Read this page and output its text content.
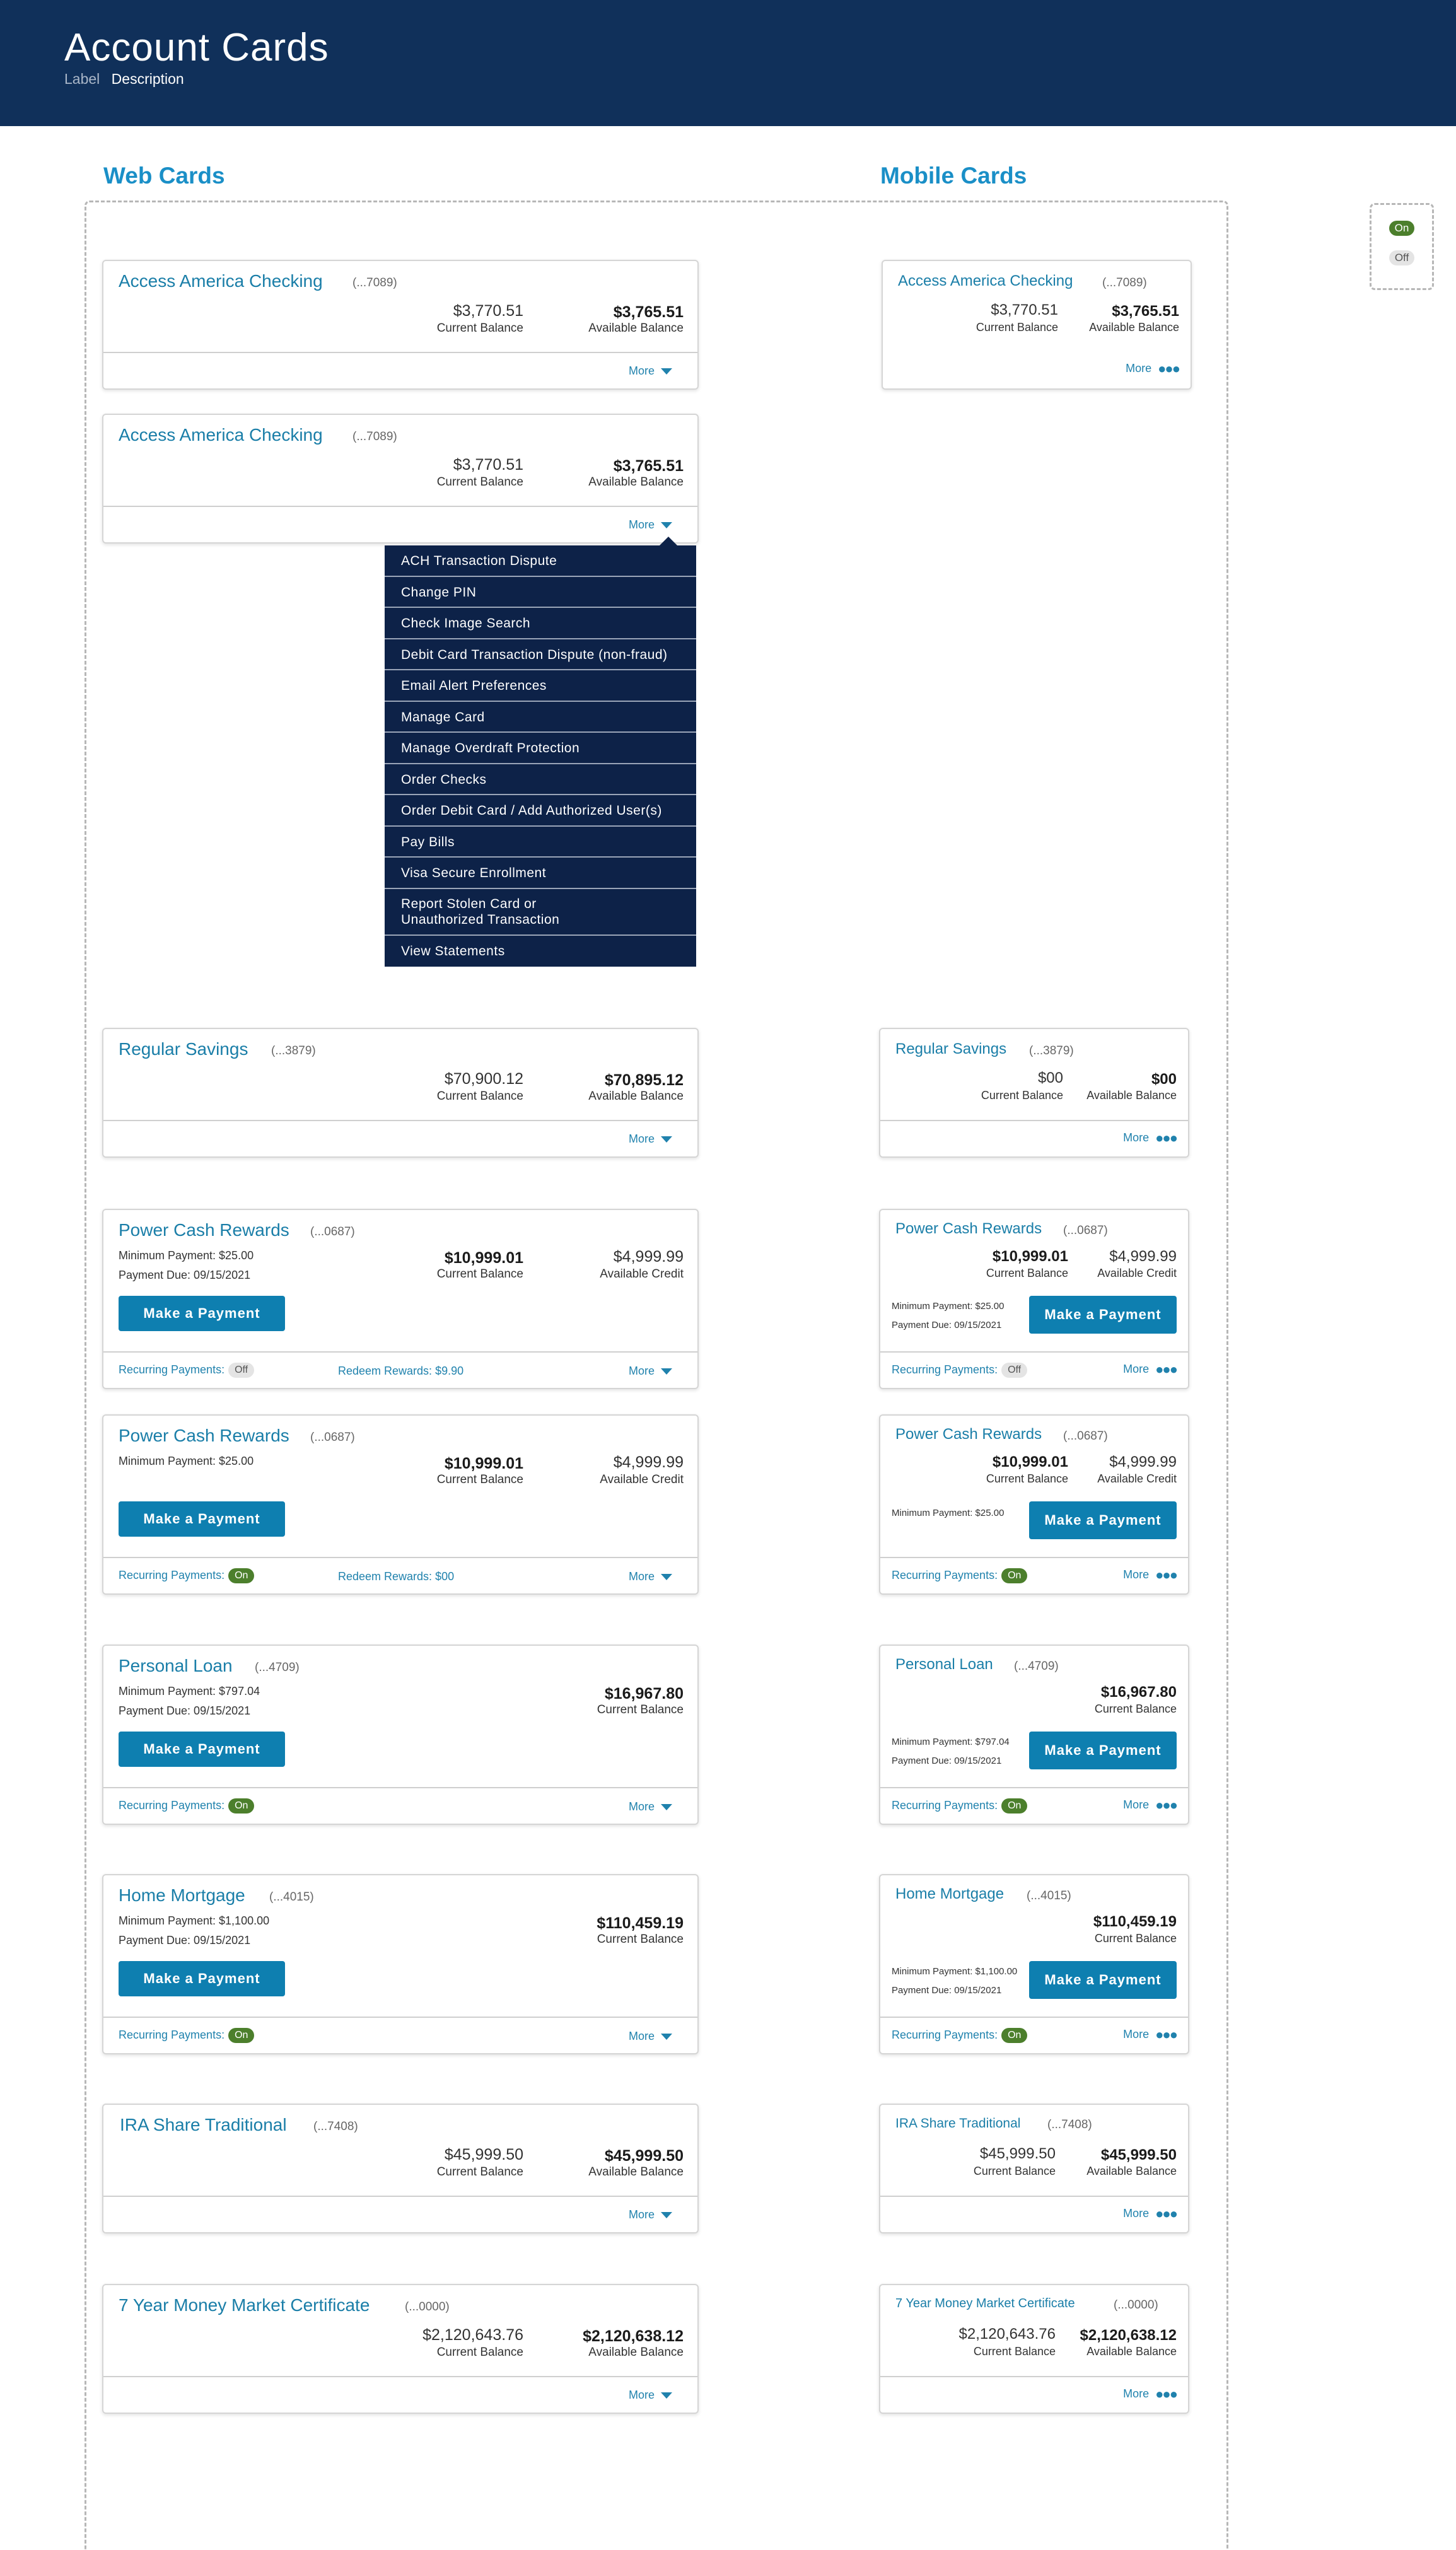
Account Cards
Label Description
Web Cards	Mobile Cards
On
Off
Access America Checking (...7089)
$3,770.51
Current Balance
$3,765.51
Available Balance
More
Access America Checking (...7089)
$3,770.51
Current Balance
$3,765.51
Available Balance
More
ACH Transaction Dispute
Change PIN
Check Image Search
Debit Card Transaction Dispute (non-fraud)
Email Alert Preferences
Manage Card
Manage Overdraft Protection
Order Checks
Order Debit Card / Add Authorized User(s)
Pay Bills
Visa Secure Enrollment
Report Stolen Card or Unauthorized Transaction
View Statements
Regular Savings (...3879)
$70,900.12
Current Balance
$70,895.12
Available Balance
More
Power Cash Rewards (...0687)
Minimum Payment: $25.00
Payment Due: 09/15/2021
$10,999.01
Current Balance
$4,999.99
Available Credit
Make a Payment
Recurring Payments: Off	Redeem Rewards: $9.90	More
Power Cash Rewards (...0687)
Minimum Payment: $25.00	$10,999.01
Current Balance
$4,999.99
Available Credit
Make a Payment
Recurring Payments: On	Redeem Rewards: $00	More
Personal Loan (...4709)
Minimum Payment: $797.04
Payment Due: 09/15/2021
$16,967.80
Current Balance
Make a Payment
Recurring Payments: On	More
Home Mortgage (...4015)
Minimum Payment: $1,100.00
Payment Due: 09/15/2021
$110,459.19
Current Balance
Make a Payment
Recurring Payments: On	More
IRA Share Traditional (...7408)
$45,999.50
Current Balance
$45,999.50
Available Balance
More
7 Year Money Market Certificate	(...0000)
$2,120,643.76
Current Balance
$2,120,638.12
Available Balance
More
Access America Checking (...7089)
$3,770.51
Current Balance
$3,765.51
Available Balance
More ●●●
Regular Savings (...3879)
$00
Current Balance
$00
Available Balance
More ●●●
Power Cash Rewards (...0687)
$10,999.01
Current Balance
$4,999.99
Available Credit
Minimum Payment: $25.00
Payment Due: 09/15/2021
Make a Payment
Recurring Payments: Off	More ●●●
Power Cash Rewards (...0687)
$10,999.01
Current Balance
$4,999.99
Available Credit
Minimum Payment: $25.00	Make a Payment
Recurring Payments: On	More ●●●
Personal Loan (...4709)
$16,967.80
Current Balance
Minimum Payment: $797.04
Payment Due: 09/15/2021
Make a Payment
Recurring Payments: On	More ●●●
Home Mortgage (...4015)
$110,459.19
Current Balance
Minimum Payment: $1,100.00
Payment Due: 09/15/2021
Make a Payment
Recurring Payments: On	More ●●●
IRA Share Traditional (...7408)
$45,999.50
Current Balance
$45,999.50
Available Balance
More ●●●
7 Year Money Market Certificate	(...0000)
$2,120,643.76
Current Balance
$2,120,638.12
Available Balance
More ●●●
